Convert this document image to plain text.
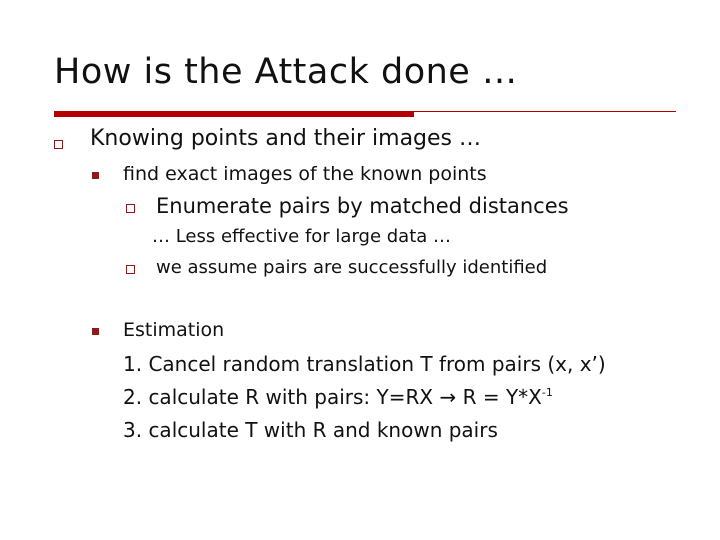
How is the Attack done …
Knowing points and their images …
find exact images of the known points
Enumerate pairs by matched distances
… Less effective for large data …
we assume pairs are successfully identified
Estimation
1. Cancel random translation T from pairs (x, x’)
2. calculate R with pairs: $Y=RX \to R = Y*X^{-1}$
3. calculate T with R and known pairs
